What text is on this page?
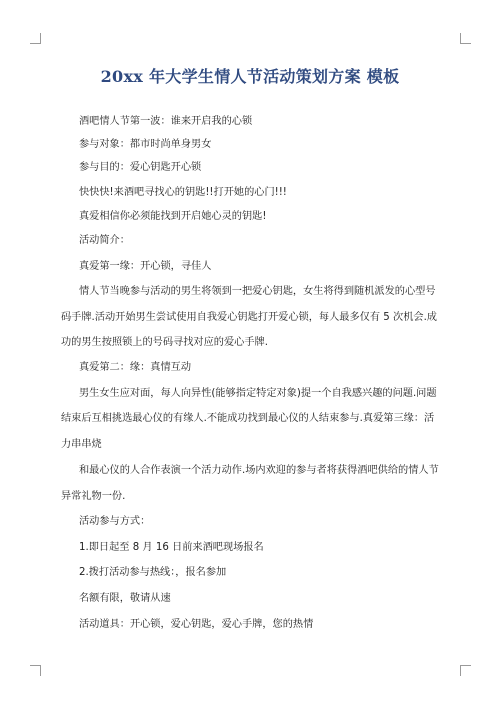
20xx 年大学生情人节活动策划方案 模板
酒吧情人节第一波：谁来开启我的心锁
参与对象：都市时尚单身男女
参与目的：爱心钥匙开心锁
快快快!来酒吧寻找心的钥匙!!打开她的心门!!!
真爱相信你必须能找到开启她心灵的钥匙!
活动简介：
真爱第一缘：开心锁，寻佳人
情人节当晚参与活动的男生将领到一把爱心钥匙，女生将得到随机派发的心型号
码手牌.活动开始男生尝试使用自我爱心钥匙打开爱心锁，每人最多仅有 5 次机会.成
功的男生按照锁上的号码寻找对应的爱心手牌.
真爱第二：缘：真情互动
男生女生应对面，每人向异性(能够指定特定对象)提一个自我感兴趣的问题.问题
结束后互相挑选最心仪的有缘人.不能成功找到最心仪的人结束参与.真爱第三缘：活
力串串烧
和最心仪的人合作表演一个活力动作.场内欢迎的参与者将获得酒吧供给的情人节
异常礼物一份.
活动参与方式：
1.即日起至 8 月 16 日前来酒吧现场报名
2.拨打活动参与热线：，报名参加
名额有限，敬请从速
活动道具：开心锁，爱心钥匙，爱心手牌，您的热情
